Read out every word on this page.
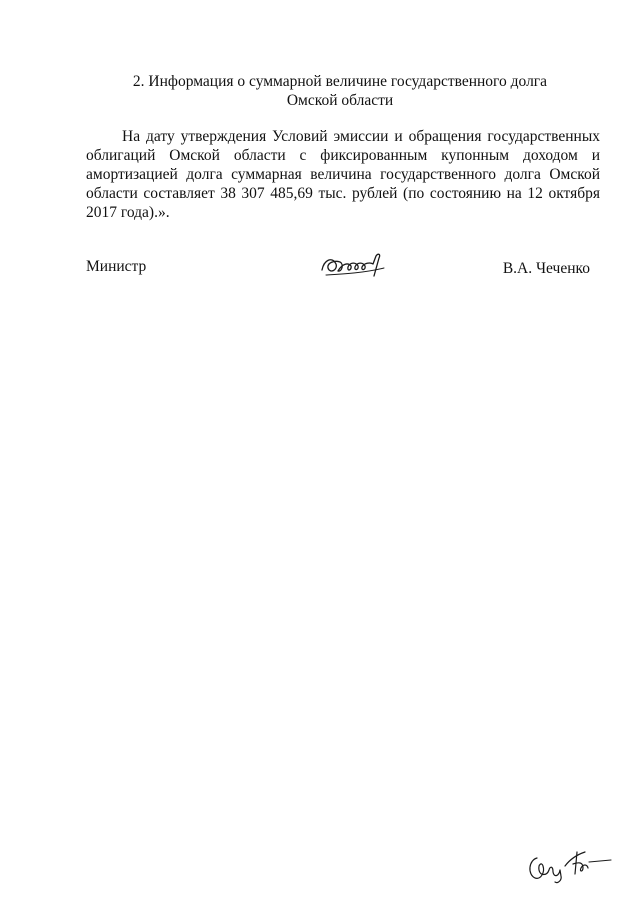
2. Информация о суммарной величине государственного долга
Омской области
На дату утверждения Условий эмиссии и обращения государственных облигаций Омской области с фиксированным купонным доходом и амортизацией долга суммарная величина государственного долга Омской области составляет 38 307 485,69 тыс. рублей (по состоянию на 12 октября 2017 года).».
Министр	В.А. Чеченко
